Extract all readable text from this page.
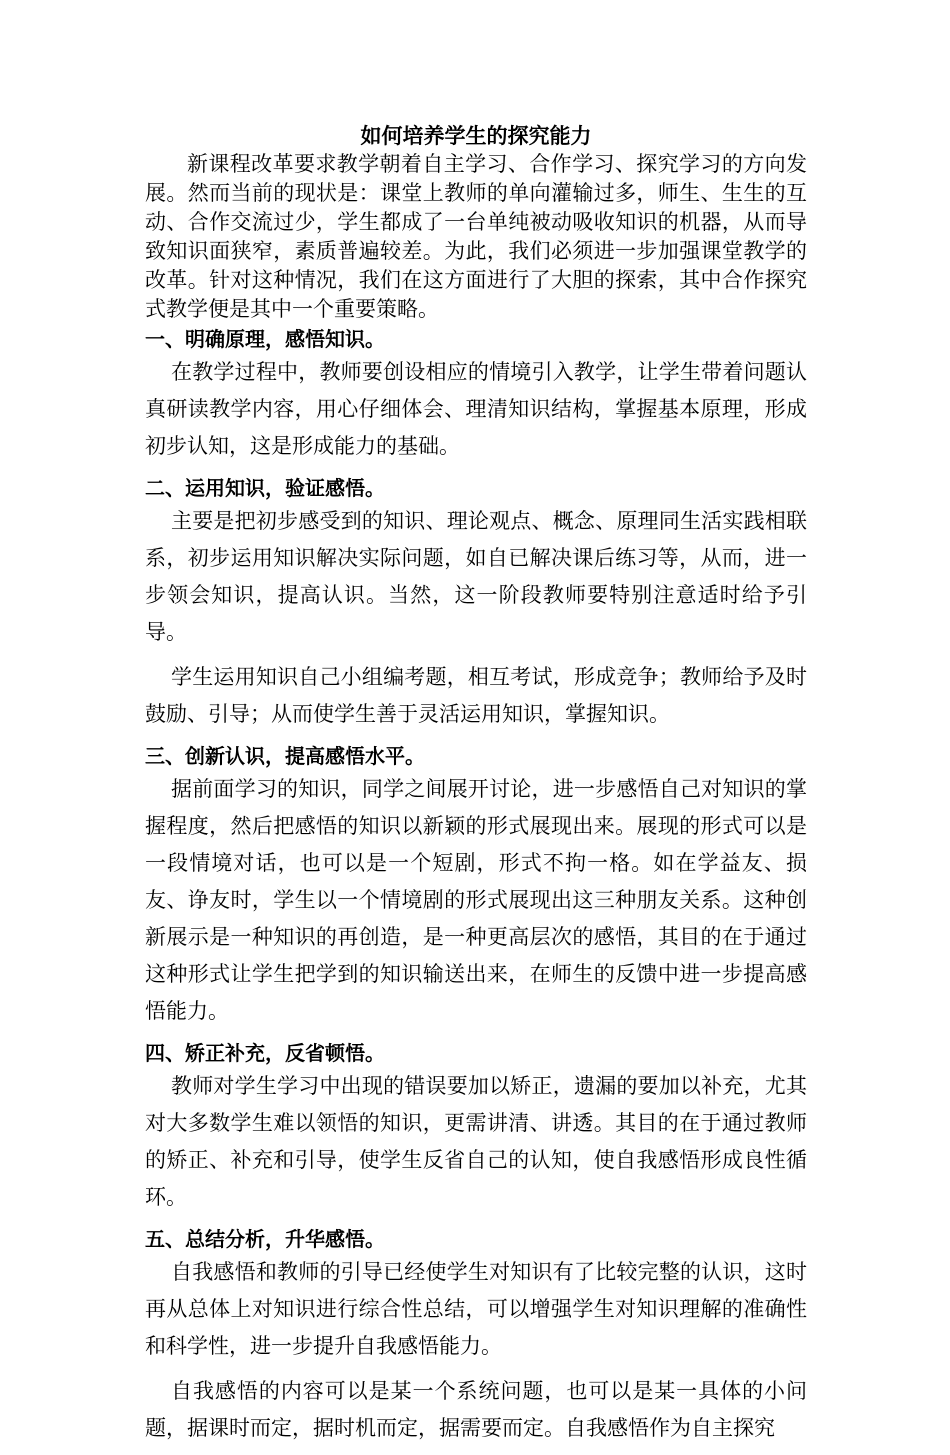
如何培养学生的探究能力

新课程改革要求教学朝着自主学习、合作学习、探究学习的方向发展。然而当前的现状是：课堂上教师的单向灌输过多，师生、生生的互动、合作交流过少，学生都成了一台单纯被动吸收知识的机器，从而导致知识面狭窄，素质普遍较差。为此，我们必须进一步加强课堂教学的改革。针对这种情况，我们在这方面进行了大胆的探索，其中合作探究式教学便是其中一个重要策略。

一、明确原理，感悟知识。

在教学过程中，教师要创设相应的情境引入教学，让学生带着问题认真研读教学内容，用心仔细体会、理清知识结构，掌握基本原理，形成初步认知，这是形成能力的基础。

二、运用知识，验证感悟。

主要是把初步感受到的知识、理论观点、概念、原理同生活实践相联系，初步运用知识解决实际问题，如自已解决课后练习等，从而，进一步领会知识，提高认识。当然，这一阶段教师要特别注意适时给予引导。

学生运用知识自己小组编考题，相互考试，形成竞争；教师给予及时鼓励、引导；从而使学生善于灵活运用知识，掌握知识。

三、创新认识，提高感悟水平。

据前面学习的知识，同学之间展开讨论，进一步感悟自己对知识的掌握程度，然后把感悟的知识以新颖的形式展现出来。展现的形式可以是一段情境对话，也可以是一个短剧，形式不拘一格。如在学益友、损友、诤友时，学生以一个情境剧的形式展现出这三种朋友关系。这种创新展示是一种知识的再创造，是一种更高层次的感悟，其目的在于通过这种形式让学生把学到的知识输送出来，在师生的反馈中进一步提高感悟能力。

四、矫正补充，反省顿悟。

教师对学生学习中出现的错误要加以矫正，遗漏的要加以补充，尤其对大多数学生难以领悟的知识，更需讲清、讲透。其目的在于通过教师的矫正、补充和引导，使学生反省自己的认知，使自我感悟形成良性循环。

五、总结分析，升华感悟。

自我感悟和教师的引导已经使学生对知识有了比较完整的认识，这时再从总体上对知识进行综合性总结，可以增强学生对知识理解的准确性和科学性，进一步提升自我感悟能力。

自我感悟的内容可以是某一个系统问题，也可以是某一具体的小问题，据课时而定，据时机而定，据需要而定。自我感悟作为自主探究
